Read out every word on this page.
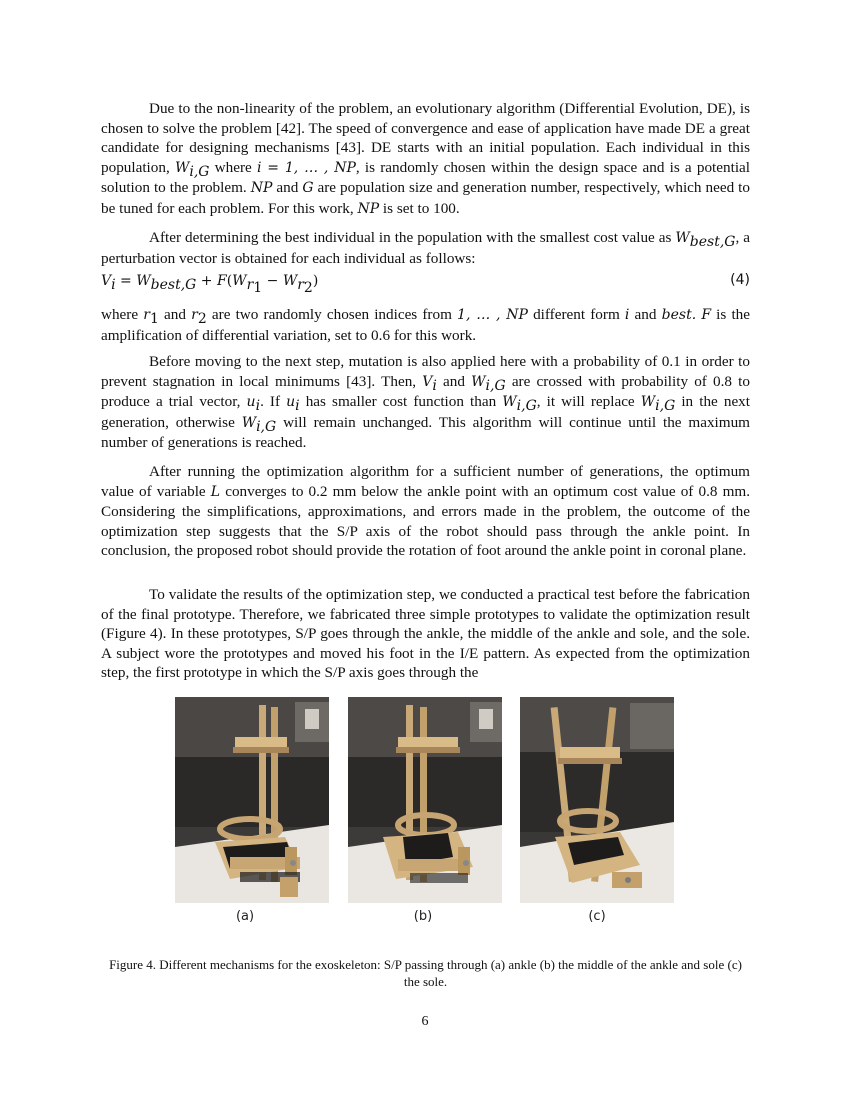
Due to the non-linearity of the problem, an evolutionary algorithm (Differential Evolution, DE), is chosen to solve the problem [42]. The speed of convergence and ease of application have made DE a great candidate for designing mechanisms [43]. DE starts with an initial population. Each individual in this population, $W_{i,G}$ where i = 1, … , NP, is randomly chosen within the design space and is a potential solution to the problem. NP and G are population size and generation number, respectively, which need to be tuned for each problem. For this work, NP is set to 100.

After determining the best individual in the population with the smallest cost value as $W_{best,G}$, a perturbation vector is obtained for each individual as follows:

$V_i = W_{best,G} + F(W_{r_1} - W_{r_2})$	(4)

where $r_1$ and $r_2$ are two randomly chosen indices from 1, … , NP different form i and best. F is the amplification of differential variation, set to 0.6 for this work.

Before moving to the next step, mutation is also applied here with a probability of 0.1 in order to prevent stagnation in local minimums [43]. Then, $V_i$ and $W_{i,G}$ are crossed with probability of 0.8 to produce a trial vector, $u_i$. If $u_i$ has smaller cost function than $W_{i,G}$, it will replace $W_{i,G}$ in the next generation, otherwise $W_{i,G}$ will remain unchanged. This algorithm will continue until the maximum number of generations is reached.

After running the optimization algorithm for a sufficient number of generations, the optimum value of variable L converges to 0.2 mm below the ankle point with an optimum cost value of 0.8 mm. Considering the simplifications, approximations, and errors made in the problem, the outcome of the optimization step suggests that the S/P axis of the robot should pass through the ankle point. In conclusion, the proposed robot should provide the rotation of foot around the ankle point in coronal plane.

To validate the results of the optimization step, we conducted a practical test before the fabrication of the final prototype. Therefore, we fabricated three simple prototypes to validate the optimization result (Figure 4). In these prototypes, S/P goes through the ankle, the middle of the ankle and sole, and the sole. A subject wore the prototypes and moved his foot in the I/E pattern. As expected from the optimization step, the first prototype in which the S/P axis goes through the

(a)	(b)	(c)
Figure 4. Different mechanisms for the exoskeleton: S/P passing through (a) ankle (b) the middle of the ankle and sole (c) the sole.
6
